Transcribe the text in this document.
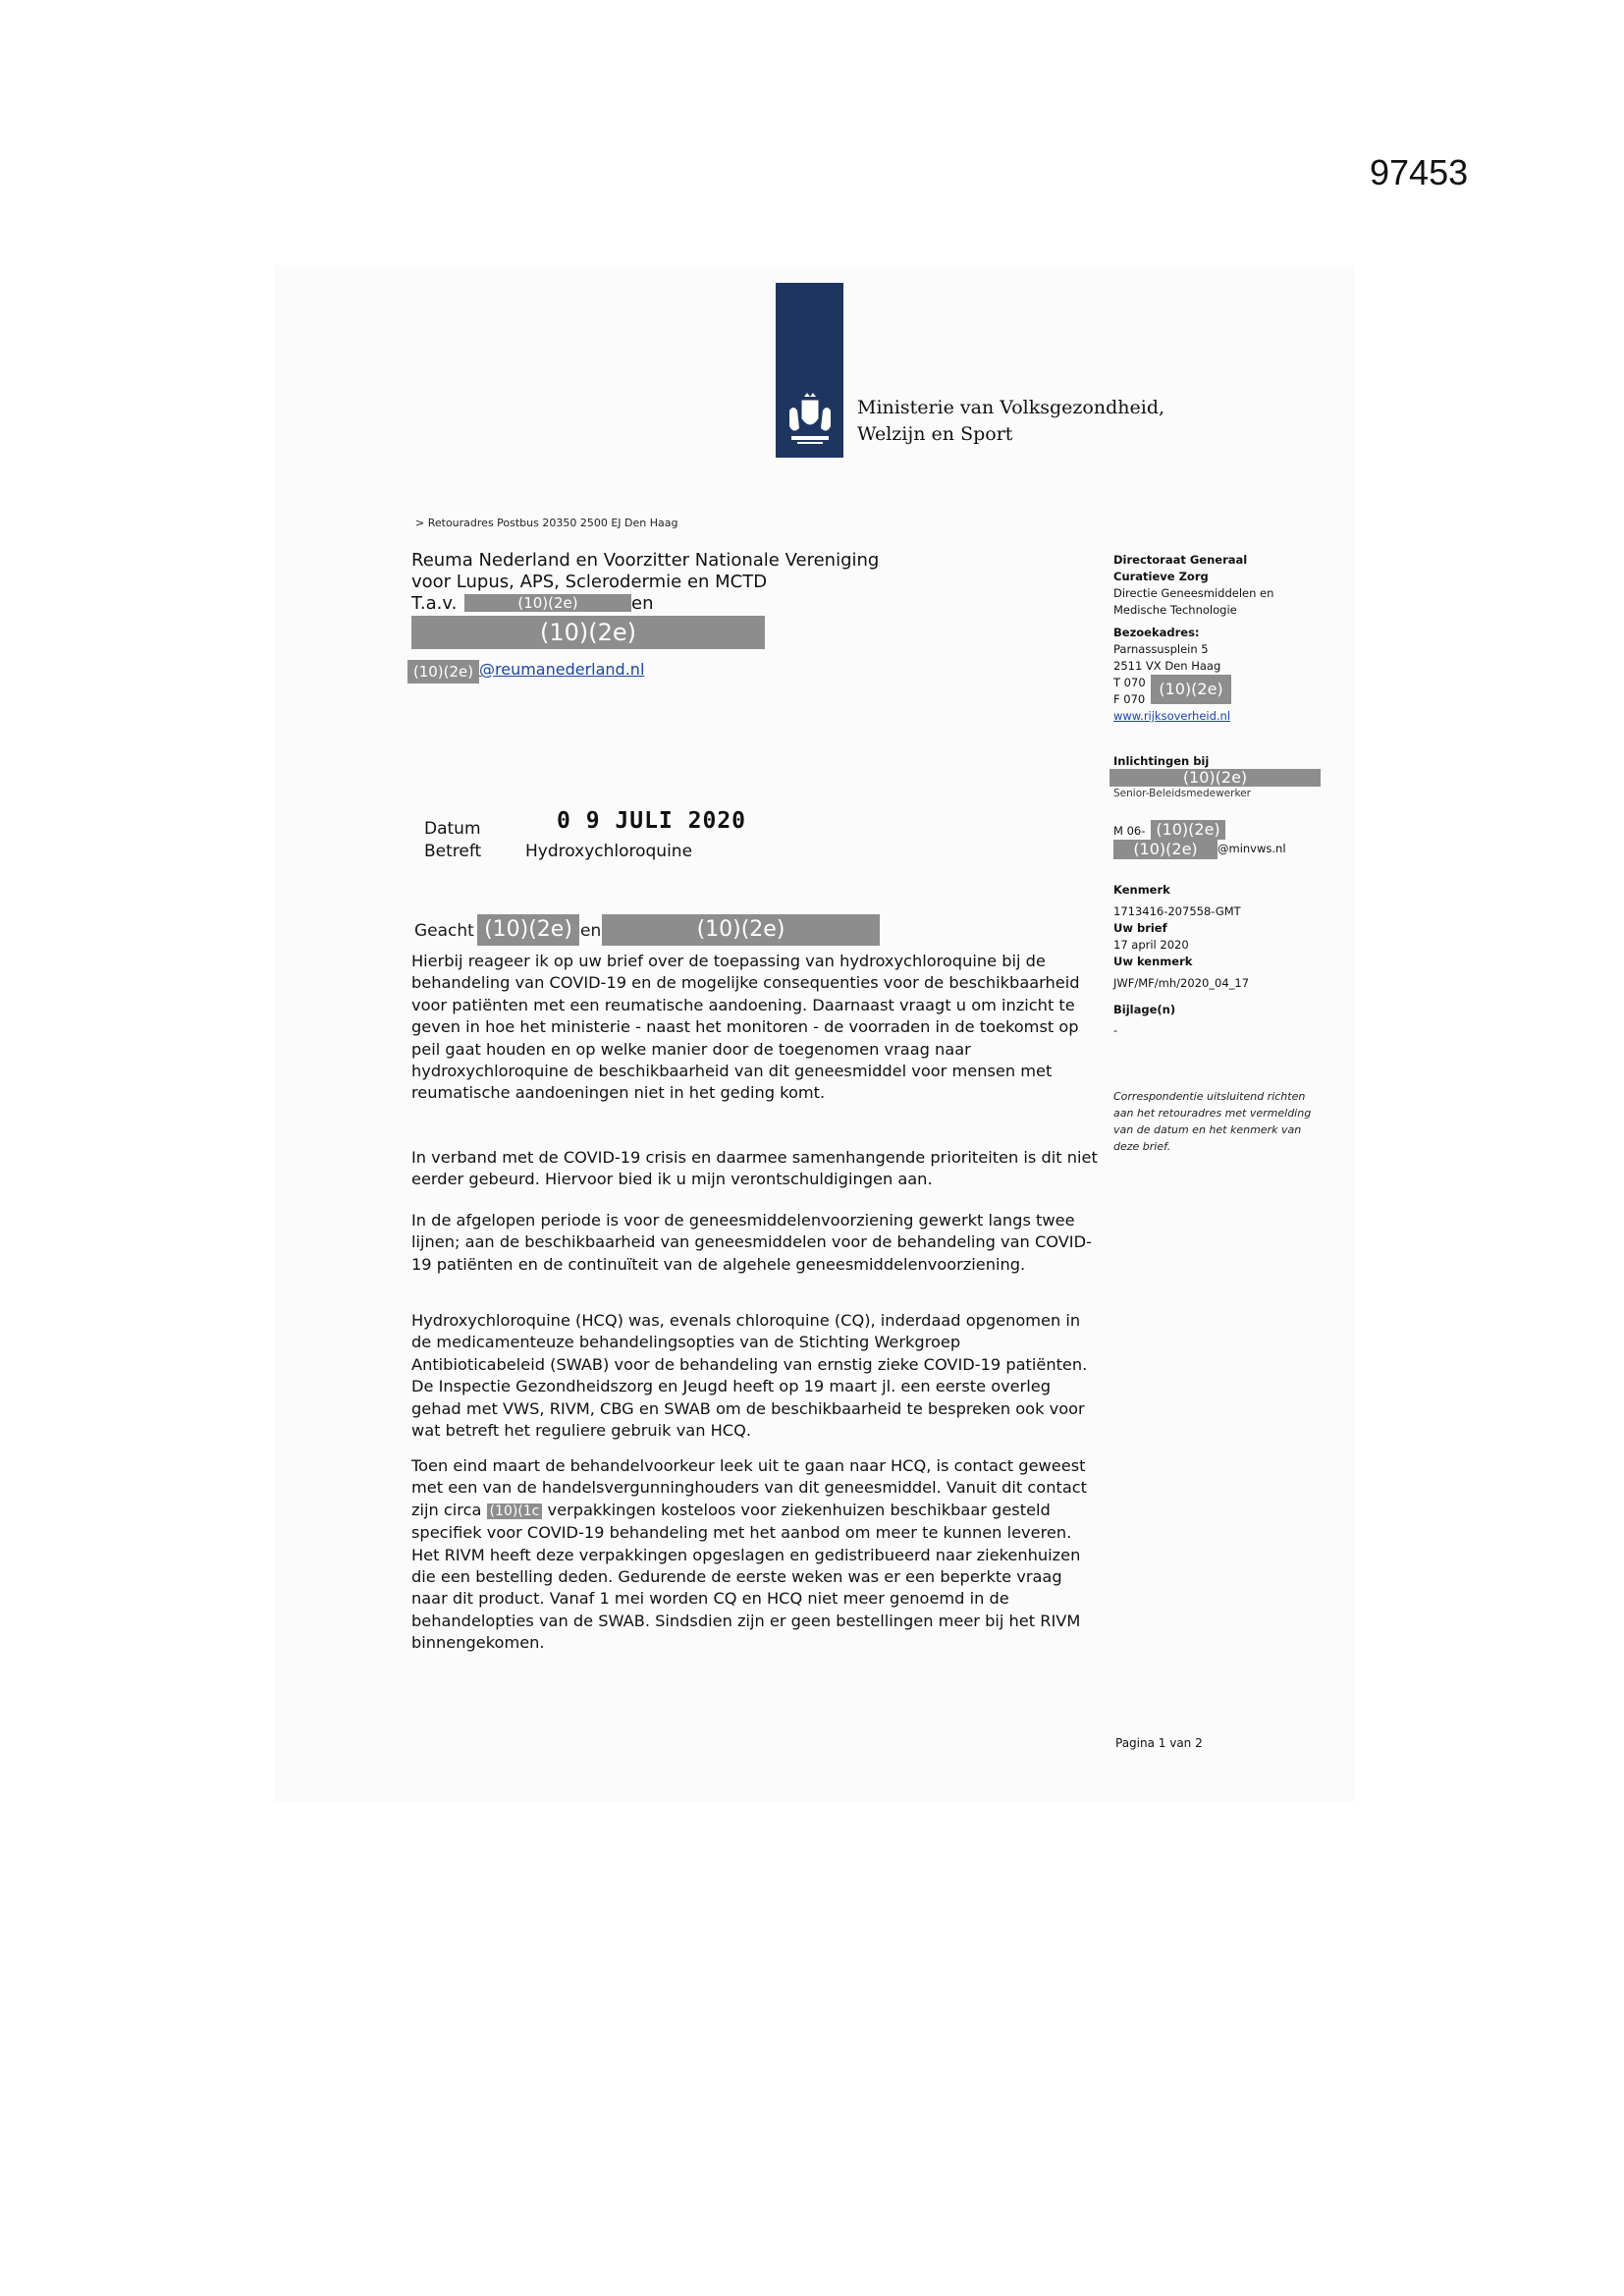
97453
Ministerie van Volksgezondheid,
Welzijn en Sport
> Retouradres Postbus 20350 2500 EJ Den Haag
Reuma Nederland en Voorzitter Nationale Vereniging
voor Lupus, APS, Sclerodermie en MCTD
T.a.v.	en
(10)(2e)
(10)(2e)
(10)(2e) @reumanederland.nl
Datum	0 9 JULI 2020
Betreft	Hydroxychloroquine
Geacht (10)(2e) en	(10)(2e)
Hierbij reageer ik op uw brief over de toepassing van hydroxychloroquine bij de behandeling van COVID-19 en de mogelijke consequenties voor de beschikbaarheid voor patiënten met een reumatische aandoening. Daarnaast vraagt u om inzicht te geven in hoe het ministerie - naast het monitoren - de voorraden in de toekomst op peil gaat houden en op welke manier door de toegenomen vraag naar hydroxychloroquine de beschikbaarheid van dit geneesmiddel voor mensen met reumatische aandoeningen niet in het geding komt.
In verband met de COVID-19 crisis en daarmee samenhangende prioriteiten is dit niet eerder gebeurd. Hiervoor bied ik u mijn verontschuldigingen aan.
In de afgelopen periode is voor de geneesmiddelenvoorziening gewerkt langs twee lijnen; aan de beschikbaarheid van geneesmiddelen voor de behandeling van COVID-19 patiënten en de continuïteit van de algehele geneesmiddelenvoorziening.
Hydroxychloroquine (HCQ) was, evenals chloroquine (CQ), inderdaad opgenomen in de medicamenteuze behandelingsopties van de Stichting Werkgroep Antibioticabeleid (SWAB) voor de behandeling van ernstig zieke COVID-19 patiënten. De Inspectie Gezondheidszorg en Jeugd heeft op 19 maart jl. een eerste overleg gehad met VWS, RIVM, CBG en SWAB om de beschikbaarheid te bespreken ook voor wat betreft het reguliere gebruik van HCQ.
Toen eind maart de behandelvoorkeur leek uit te gaan naar HCQ, is contact geweest met een van de handelsvergunninghouders van dit geneesmiddel. Vanuit dit contact zijn circa (10)(1c verpakkingen kosteloos voor ziekenhuizen beschikbaar gesteld specifiek voor COVID-19 behandeling met het aanbod om meer te kunnen leveren. Het RIVM heeft deze verpakkingen opgeslagen en gedistribueerd naar ziekenhuizen die een bestelling deden. Gedurende de eerste weken was er een beperkte vraag naar dit product. Vanaf 1 mei worden CQ en HCQ niet meer genoemd in de behandelopties van de SWAB. Sindsdien zijn er geen bestellingen meer bij het RIVM binnengekomen.
Directoraat Generaal
Curatieve Zorg
Directie Geneesmiddelen en
Medische Technologie
Bezoekadres:
Parnassusplein 5
2511 VX Den Haag
T 070
F 070
www.rijksoverheid.nl
(10)(2e)
Inlichtingen bij
(10)(2e)
Senior-Beleidsmedewerker
M 06- (10)(2e)
(10)(2e)	@minvws.nl
Kenmerk
1713416-207558-GMT
Uw brief
17 april 2020
Uw kenmerk
JWF/MF/mh/2020_04_17
Bijlage(n)
-
Correspondentie uitsluitend richten aan het retouradres met vermelding van de datum en het kenmerk van deze brief.
Pagina 1 van 2
